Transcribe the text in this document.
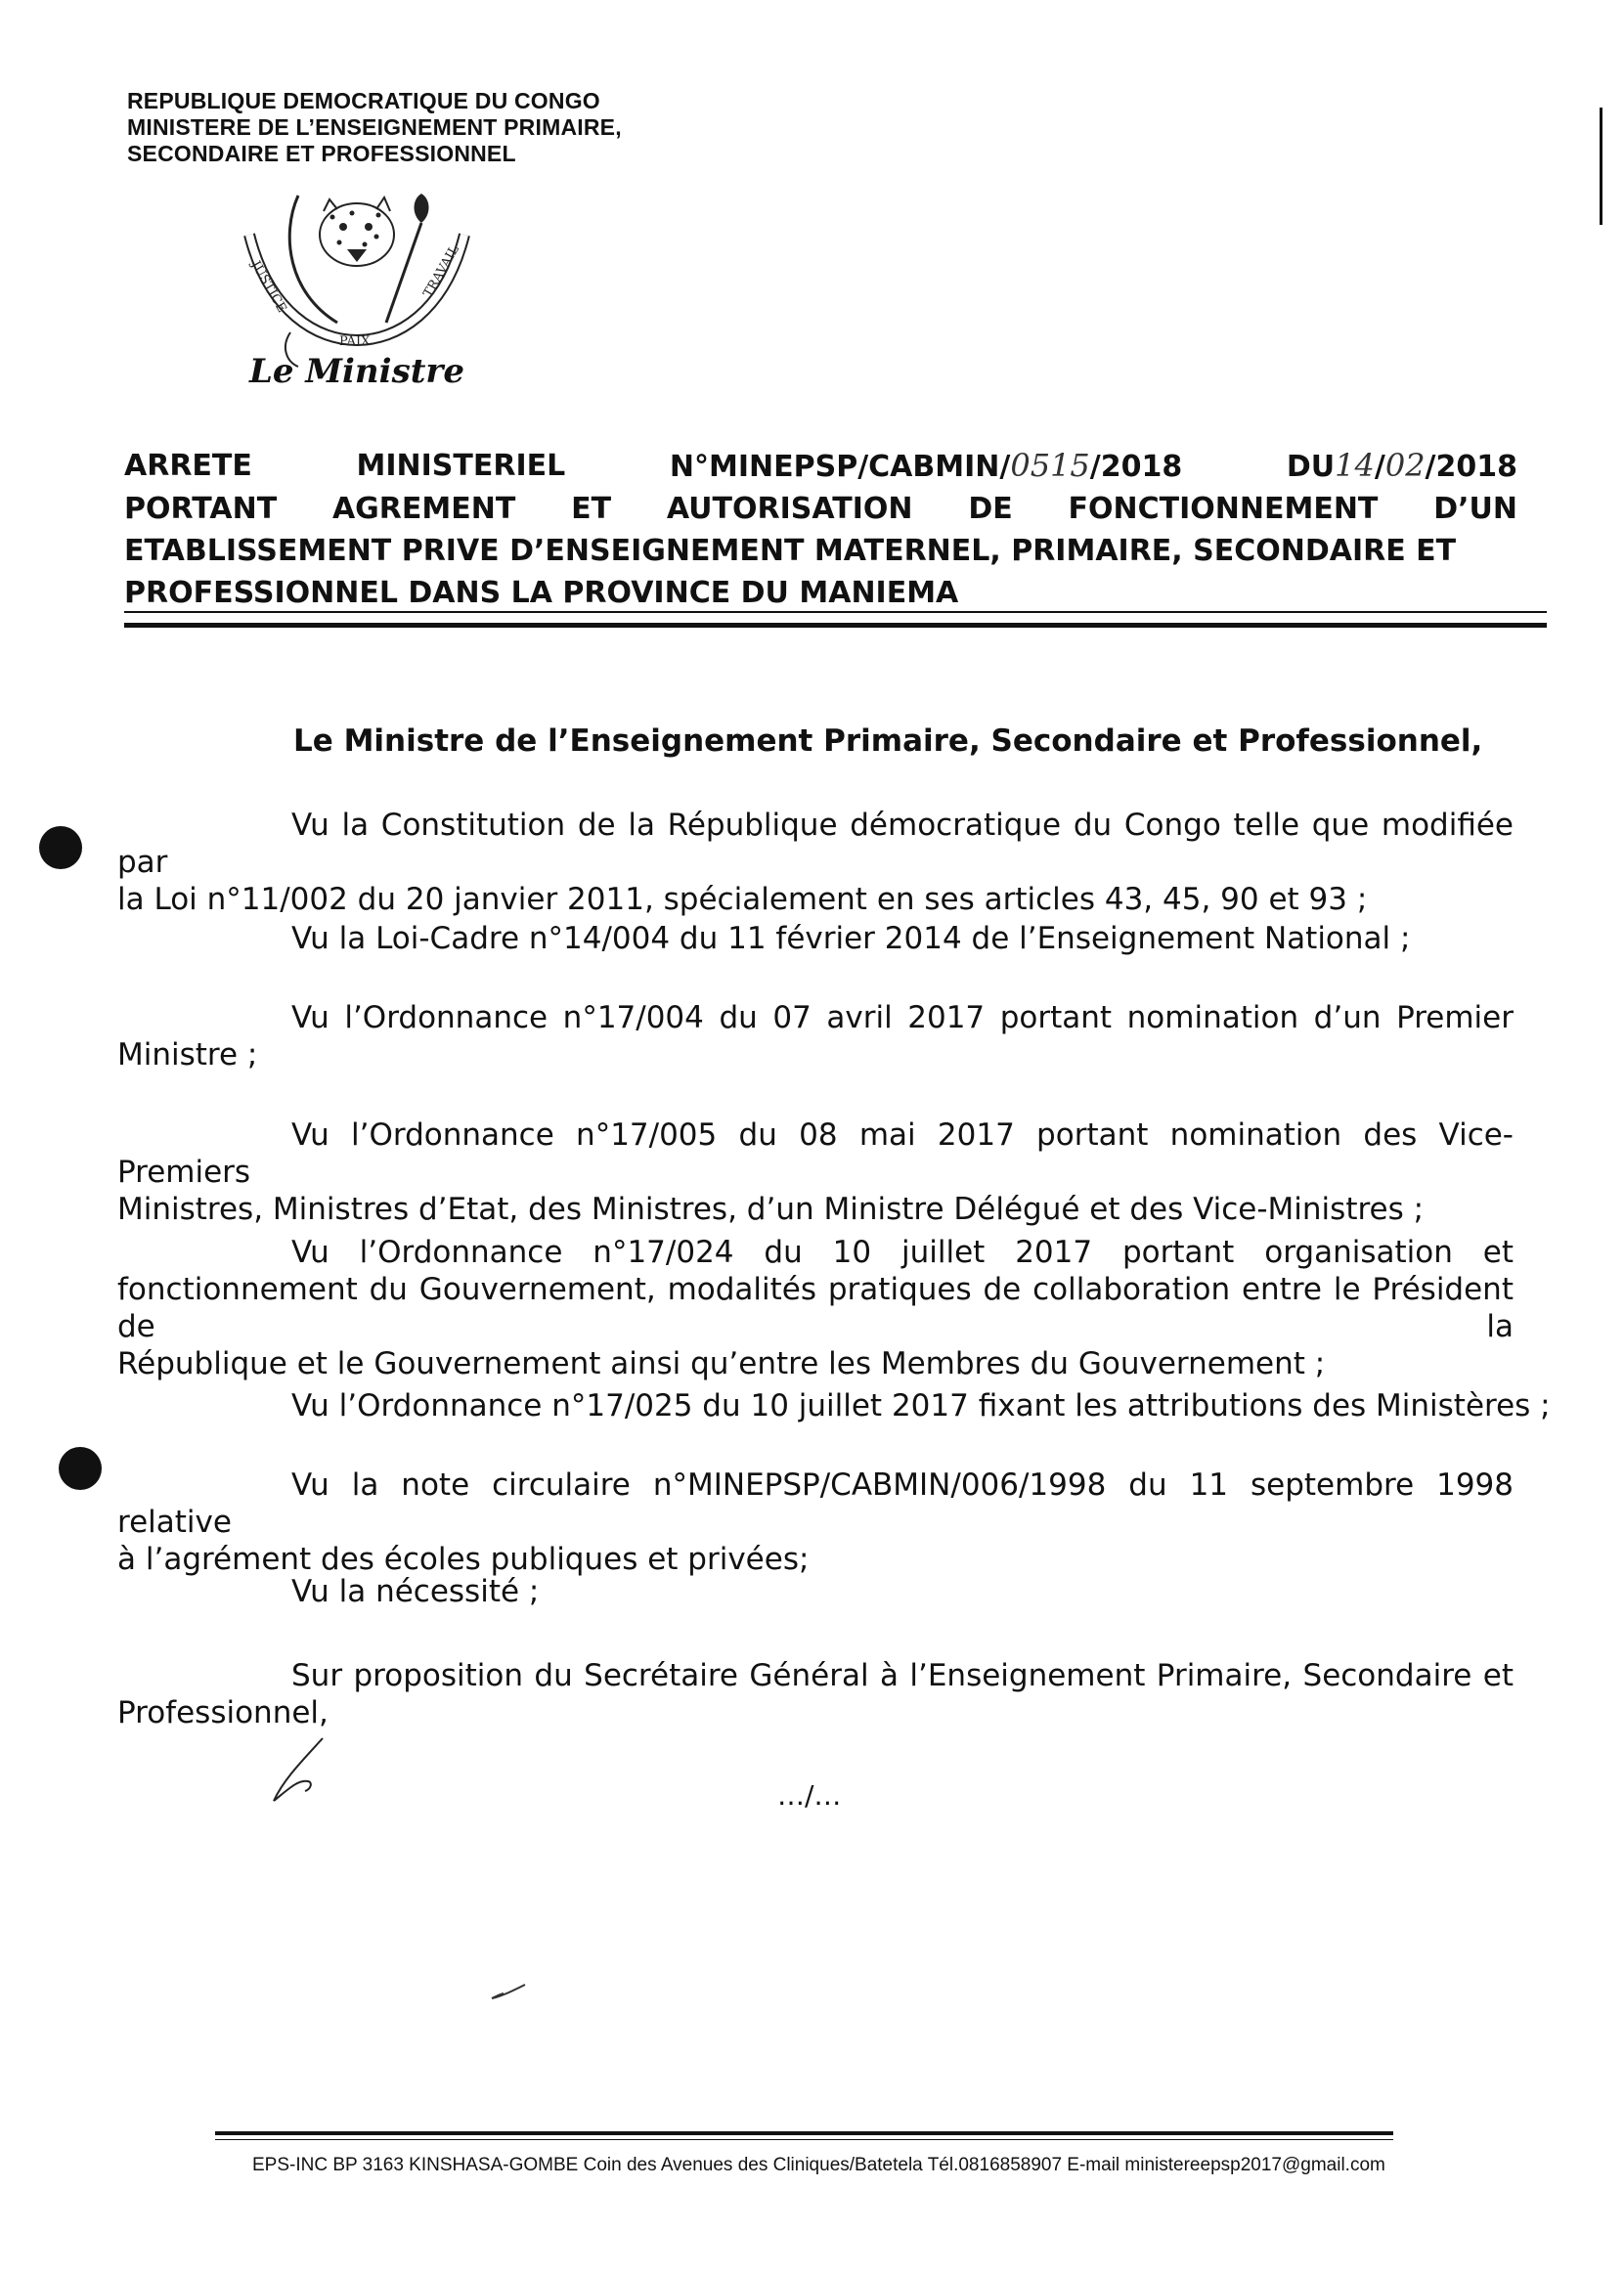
REPUBLIQUE DEMOCRATIQUE DU CONGO
MINISTERE DE L’ENSEIGNEMENT PRIMAIRE,
SECONDAIRE ET PROFESSIONNEL
JUSTICE
PAIX
TRAVAIL
Le Ministre
ARRETE	MINISTERIEL	N°MINEPSP/CABMIN/0515/2018	DU14/02/2018
PORTANT AGREMENT ET AUTORISATION DE FONCTIONNEMENT D’UN
ETABLISSEMENT PRIVE D’ENSEIGNEMENT MATERNEL, PRIMAIRE, SECONDAIRE ET
PROFESSIONNEL DANS LA PROVINCE DU MANIEMA
Le Ministre de l’Enseignement Primaire, Secondaire et Professionnel,
Vu la Constitution de la République démocratique du Congo telle que modifiée par
la Loi n°11/002 du 20 janvier 2011, spécialement en ses articles 43, 45, 90 et 93 ;
Vu la Loi-Cadre n°14/004 du 11 février 2014 de l’Enseignement National ;
Vu l’Ordonnance n°17/004 du 07 avril 2017 portant nomination d’un Premier
Ministre ;
Vu l’Ordonnance n°17/005 du 08 mai 2017 portant nomination des Vice-Premiers
Ministres, Ministres d’Etat, des Ministres, d’un Ministre Délégué et des Vice-Ministres ;
Vu l’Ordonnance n°17/024 du 10 juillet 2017 portant organisation et
fonctionnement du Gouvernement, modalités pratiques de collaboration entre le Président de la
République et le Gouvernement ainsi qu’entre les Membres du Gouvernement ;
Vu l’Ordonnance n°17/025 du 10 juillet 2017 fixant les attributions des Ministères ;
Vu la note circulaire n°MINEPSP/CABMIN/006/1998 du 11 septembre 1998 relative
à l’agrément des écoles publiques et privées;
Vu la nécessité ;
Sur proposition du Secrétaire Général à l’Enseignement Primaire, Secondaire et
Professionnel,
…/…
EPS-INC BP 3163 KINSHASA-GOMBE Coin des Avenues des Cliniques/Batetela Tél.0816858907 E-mail ministereepsp2017@gmail.com
